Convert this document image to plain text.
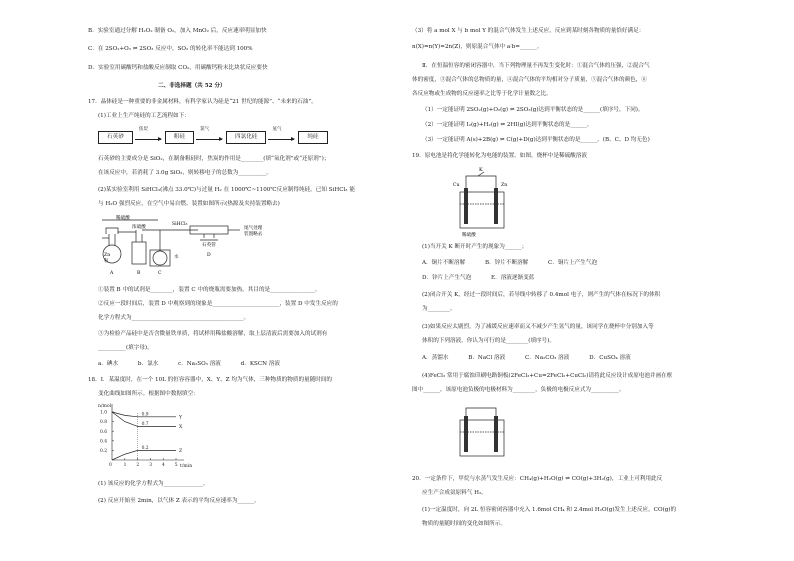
B．实验室通过分解 H₂O₂ 制备 O₂，加入 MnO₂ 后，反应速率明显加快
C．在 2SO₂+O₂ ⇌ 2SO₃ 反应中，SO₂ 的转化率不能达到 100%
D．实验室用碳酸钙和盐酸反应制取 CO₂，用碳酸钙粉末比块状反应要快
二、非选择题（共 52 分）
17．晶体硅是一种重要的非金属材料，有科学家认为硅是“21 世纪的能源”、“未来的石油”。
(1)工业上生产纯硅的工艺流程如下：
石英砂
焦炭
粗硅
氯气
四氯化硅
氢气
纯硅
石英砂的主要成分是 SiO₂，在制备粗硅时，焦炭的作用是________(填“氧化剂”或“还原剂”)；
在该反应中，若消耗了 3.0g SiO₂，则转移电子的总数为__________。
(2)某实验室利用 SiHCl₃(沸点 33.0℃)与过量 H₂ 在 1000℃~1100℃反应制得纯硅。已知 SiHCl₃ 能
与 H₂O 强烈反应，在空气中易自燃。装置如图所示(热源及夹持装置略去)
稀硫酸
浓硫酸
SiHCl₃
Zn
粒
水
石英管
尾气处理
装置略去
A	B	C
D
①装置 B 中的试剂是________，装置 C 中的烧瓶需要加热，其目的是________________。
②反应一段时间后，装置 D 中观察到的现象是________________________，装置 D 中发生反应的
化学方程式为________________________________________。
③为检验产品硅中是否含微量铁单质，将试样用稀盐酸溶解，取上层清液后需要加入的试剂有
__________(填字母)。
a．碘水	b．氯水	c．Na₂SO₃ 溶液	d．KSCN 溶液
18．Ⅰ．某温度时，在一个 10L 的恒容容器中，X、Y、Z 均为气体，三种物质的物质的量随时间的
变化曲线如图所示。根据图中数据填空：
n/mol
t/min
1.0
0.8
0.6
0.4
0.2
1 2 3 4 5
0
Y
X
Z
0.9
0.7
0.2
(1) 该反应的化学方程式为______________。
(2) 反应开始至 2min，以气体 Z 表示的平均反应速率为______。
（3）将 a mol X 与 b mol Y 的混合气体发生上述反应，反应到某时刻各物质的量恰好满足：
n(X)=n(Y)=2n(Z)，则原混合气体中 a∶b=______。
Ⅱ．在恒温恒容的密闭容器中，当下列物理量不再发生变化时：①混合气体的压强，②混合气
体的密度，③混合气体的总物质的量，④混合气体的平均相对分子质量，⑤混合气体的颜色，⑥
各反应物或生成物的反应速率之比等于化学计量数之比。
（1）一定能证明 2SO₂(g)+O₂(g) ⇌ 2SO₃(g)达到平衡状态的是______(填序号，下同)。
（2）一定能证明 I₂(g)+H₂(g) ⇌ 2HI(g)达到平衡状态的是______。
（3）一定能证明 A(s)+2B(g) ⇌ C(g)+D(g)达到平衡状态的是______。(B、C、D 均无色)
19．原电池是将化学能转化为电能的装置。如图，烧杯中是稀硫酸溶液
K
Cu	Zn
稀硫酸
(1)当开关 K 断开时产生的现象为______；
A．铜片不断溶解	B．锌片不断溶解	C．铜片上产生气泡
D．锌片上产生气泡	E．溶液逐渐变蓝
(2)闭合开关 K，经过一段时间后，若导线中转移了 0.4mol 电子，则产生的气体在标况下的体积
为________。
(3)如果反应太剧烈，为了减缓反应速率而又不减少产生氢气的量，该同学在烧杯中分别加入等
体积的下列溶液，你认为可行的是________(填序号)。
A．蒸馏水	B．NaCl 溶液	C．Na₂CO₃ 溶液	D．CuSO₄ 溶液
(4)FeCl₃ 常用于腐蚀印刷电路铜板(2FeCl₃+Cu=2FeCl₂+CuCl₂)请将此反应设计成原电池并画在框
图中______，该原电池负极的电极材料为________，负极的电极反应式为__________。
20．一定条件下，甲烷与水蒸气发生反应：CH₄(g)+H₂O(g) ⇌ CO(g)+3H₂(g)，工业上可利用此反
应生产合成氨原料气 H₂。
(1)一定温度时，向 2L 恒容密闭容器中充入 1.6mol CH₄ 和 2.4mol H₂O(g)发生上述反应，CO(g)的
物质的量随时间的变化如图所示。
